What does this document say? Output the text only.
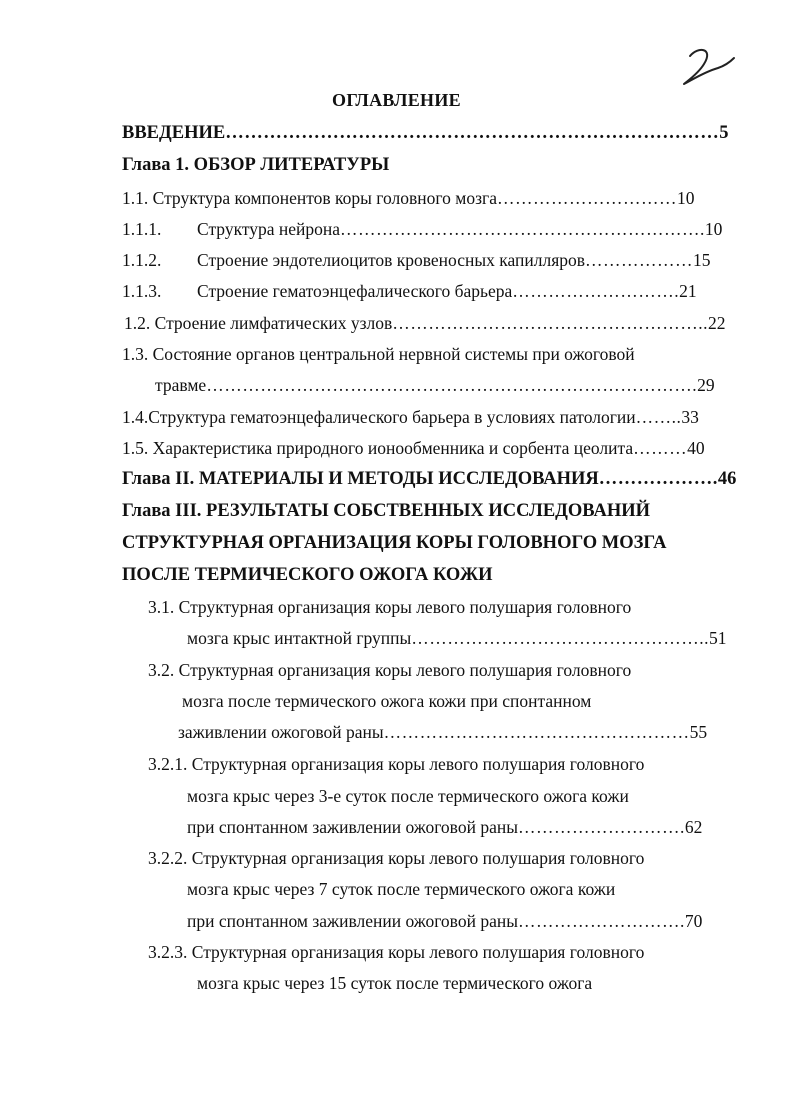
ОГЛАВЛЕНИЕ
ВВЕДЕНИЕ……………………………………………………………………5
Глава 1. ОБЗОР ЛИТЕРАТУРЫ
1.1. Структура компонентов коры головного мозга…………………………10
1.1.1. Структура нейрона…………………………………………………….10
1.1.2. Строение эндотелиоцитов кровеносных капилляров………………15
1.1.3. Строение гематоэнцефалического барьера……………………….21
1.2. Строение лимфатических узлов……………………………………………..22
1.3. Состояние органов центральной нервной системы при ожоговой
травме……………………………………………………………………….29
1.4.Структура гематоэнцефалического барьера в условиях патологии……..33
1.5. Характеристика природного ионообменника и сорбента цеолита………40
Глава II. МАТЕРИАЛЫ И МЕТОДЫ ИССЛЕДОВАНИЯ……………….46
Глава III. РЕЗУЛЬТАТЫ СОБСТВЕННЫХ ИССЛЕДОВАНИЙ
СТРУКТУРНАЯ ОРГАНИЗАЦИЯ КОРЫ ГОЛОВНОГО МОЗГА
ПОСЛЕ ТЕРМИЧЕСКОГО ОЖОГА КОЖИ
3.1. Структурная организация коры левого полушария головного
мозга крыс интактной группы…………………………………………..51
3.2. Структурная организация коры левого полушария головного
мозга после термического ожога кожи при спонтанном
заживлении ожоговой раны……………………………………………55
3.2.1. Структурная организация коры левого полушария головного
мозга крыс через 3-е суток после термического ожога кожи
при спонтанном заживлении ожоговой раны……………………….62
3.2.2. Структурная организация коры левого полушария головного
мозга крыс через 7 суток после термического ожога кожи
при спонтанном заживлении ожоговой раны……………………….70
3.2.3. Структурная организация коры левого полушария головного
мозга крыс через 15 суток после термического ожога
